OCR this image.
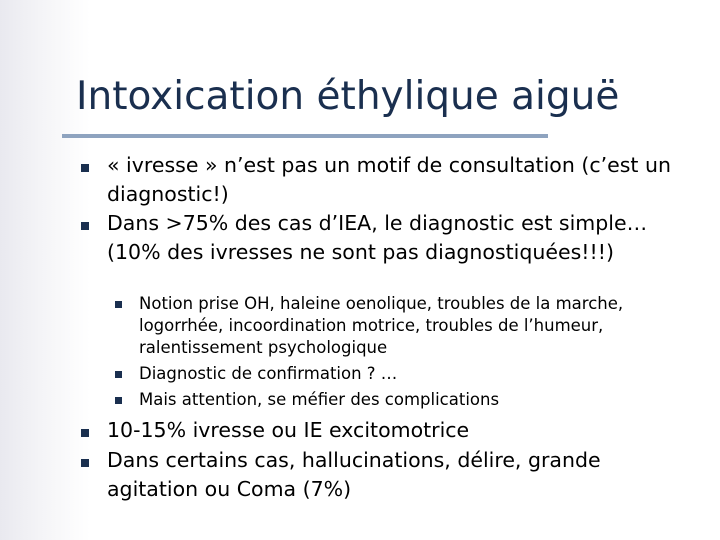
Intoxication éthylique aiguë

« ivresse » n’est pas un motif de consultation (c’est un diagnostic!)

Dans >75% des cas d’IEA, le diagnostic est simple… (10% des ivresses ne sont pas diagnostiquées!!!)

Notion prise OH, haleine oenolique, troubles de la marche, logorrhée, incoordination motrice, troubles de l’humeur, ralentissement psychologique

Diagnostic de confirmation ? …

Mais attention, se méfier des complications

10-15% ivresse ou IE excitomotrice

Dans certains cas, hallucinations, délire, grande agitation ou Coma (7%)
